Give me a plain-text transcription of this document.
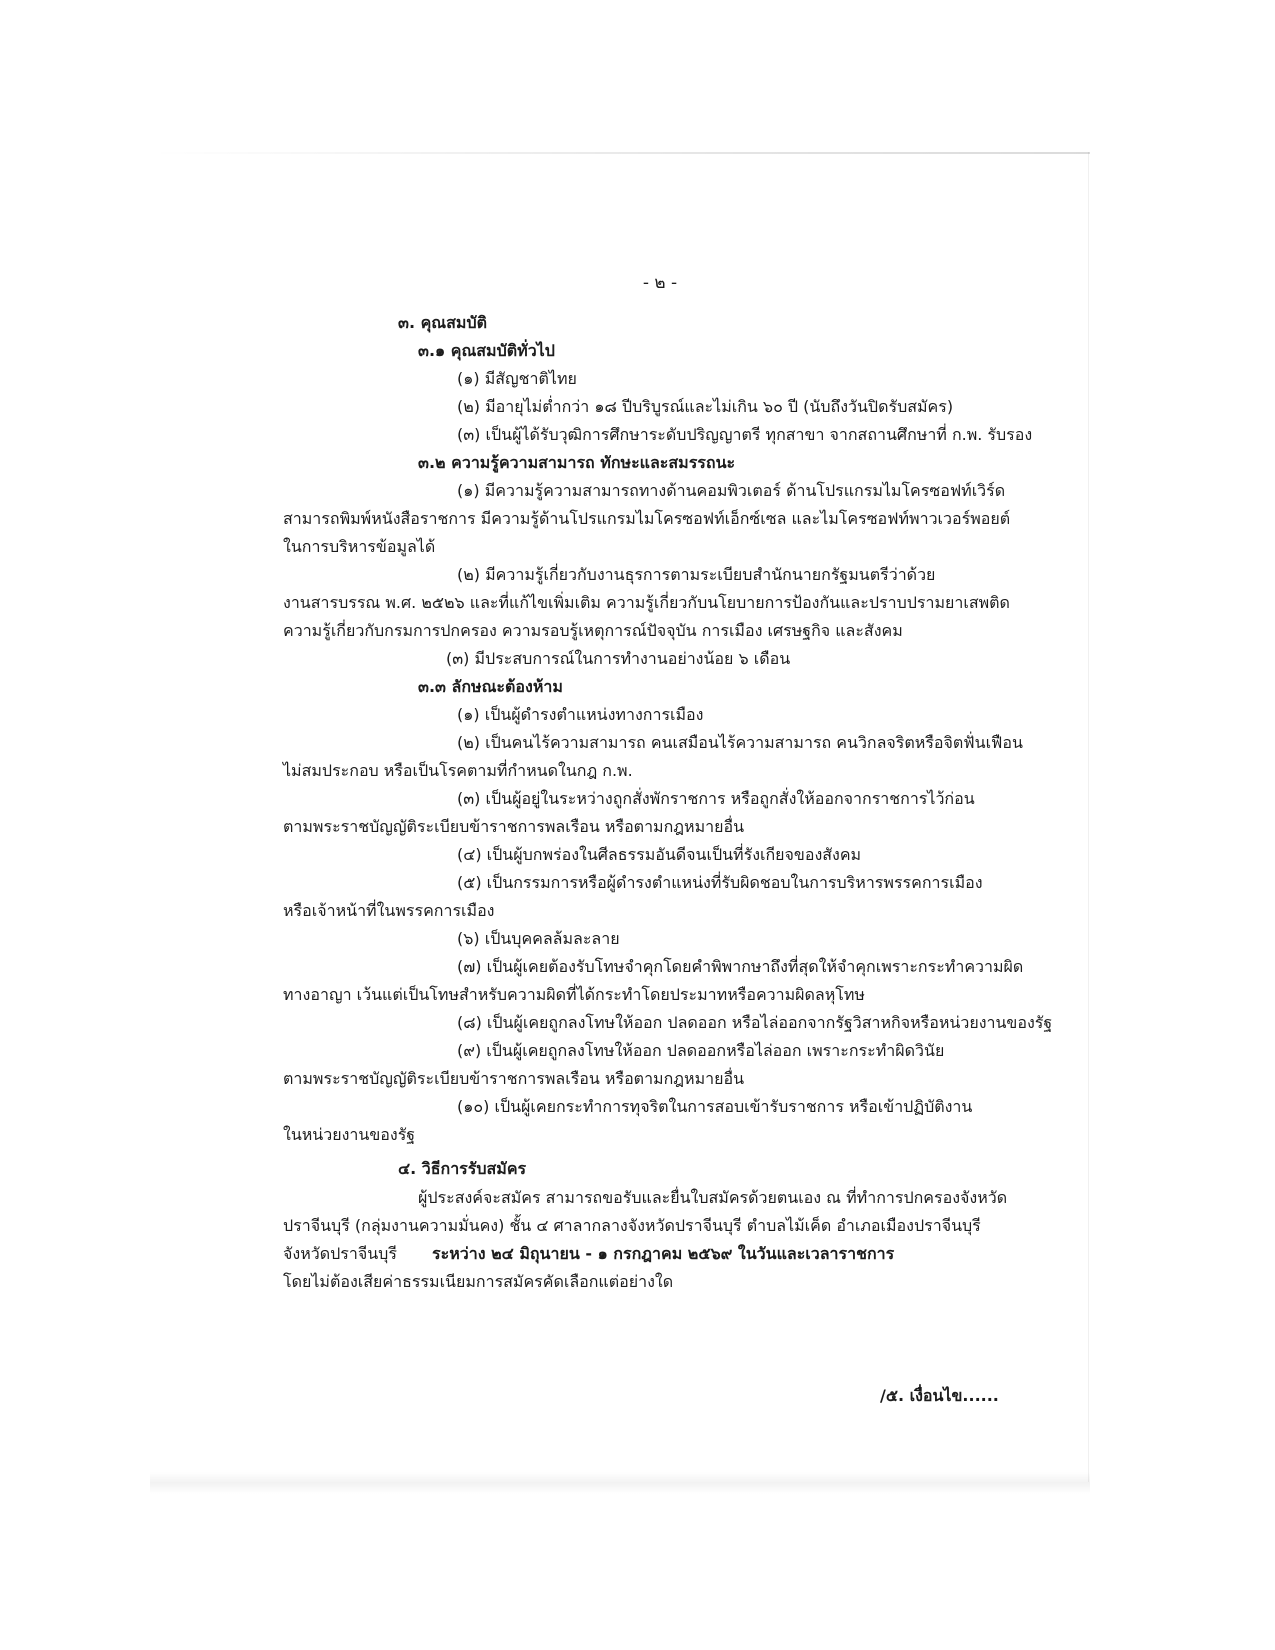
- ๒ -
๓. คุณสมบัติ
๓.๑ คุณสมบัติทั่วไป
(๑) มีสัญชาติไทย
(๒) มีอายุไม่ต่ำกว่า ๑๘ ปีบริบูรณ์และไม่เกิน ๖๐ ปี (นับถึงวันปิดรับสมัคร)
(๓) เป็นผู้ได้รับวุฒิการศึกษาระดับปริญญาตรี ทุกสาขา จากสถานศึกษาที่ ก.พ. รับรอง
๓.๒ ความรู้ความสามารถ ทักษะและสมรรถนะ
(๑) มีความรู้ความสามารถทางด้านคอมพิวเตอร์ ด้านโปรแกรมไมโครซอฟท์เวิร์ด
สามารถพิมพ์หนังสือราชการ มีความรู้ด้านโปรแกรมไมโครซอฟท์เอ็กซ์เซล และไมโครซอฟท์พาวเวอร์พอยต์
ในการบริหารข้อมูลได้
(๒) มีความรู้เกี่ยวกับงานธุรการตามระเบียบสำนักนายกรัฐมนตรีว่าด้วย
งานสารบรรณ พ.ศ. ๒๕๒๖ และที่แก้ไขเพิ่มเติม ความรู้เกี่ยวกับนโยบายการป้องกันและปราบปรามยาเสพติด
ความรู้เกี่ยวกับกรมการปกครอง ความรอบรู้เหตุการณ์ปัจจุบัน การเมือง เศรษฐกิจ และสังคม
(๓) มีประสบการณ์ในการทำงานอย่างน้อย ๖ เดือน
๓.๓ ลักษณะต้องห้าม
(๑) เป็นผู้ดำรงตำแหน่งทางการเมือง
(๒) เป็นคนไร้ความสามารถ คนเสมือนไร้ความสามารถ คนวิกลจริตหรือจิตฟั่นเฟือน
ไม่สมประกอบ หรือเป็นโรคตามที่กำหนดในกฎ ก.พ.
(๓) เป็นผู้อยู่ในระหว่างถูกสั่งพักราชการ หรือถูกสั่งให้ออกจากราชการไว้ก่อน
ตามพระราชบัญญัติระเบียบข้าราชการพลเรือน หรือตามกฎหมายอื่น
(๔) เป็นผู้บกพร่องในศีลธรรมอันดีจนเป็นที่รังเกียจของสังคม
(๕) เป็นกรรมการหรือผู้ดำรงตำแหน่งที่รับผิดชอบในการบริหารพรรคการเมือง
หรือเจ้าหน้าที่ในพรรคการเมือง
(๖) เป็นบุคคลล้มละลาย
(๗) เป็นผู้เคยต้องรับโทษจำคุกโดยคำพิพากษาถึงที่สุดให้จำคุกเพราะกระทำความผิด
ทางอาญา เว้นแต่เป็นโทษสำหรับความผิดที่ได้กระทำโดยประมาทหรือความผิดลหุโทษ
(๘) เป็นผู้เคยถูกลงโทษให้ออก ปลดออก หรือไล่ออกจากรัฐวิสาหกิจหรือหน่วยงานของรัฐ
(๙) เป็นผู้เคยถูกลงโทษให้ออก ปลดออกหรือไล่ออก เพราะกระทำผิดวินัย
ตามพระราชบัญญัติระเบียบข้าราชการพลเรือน หรือตามกฎหมายอื่น
(๑๐) เป็นผู้เคยกระทำการทุจริตในการสอบเข้ารับราชการ หรือเข้าปฏิบัติงาน
ในหน่วยงานของรัฐ
๔. วิธีการรับสมัคร
ผู้ประสงค์จะสมัคร สามารถขอรับและยื่นใบสมัครด้วยตนเอง ณ ที่ทำการปกครองจังหวัด
ปราจีนบุรี (กลุ่มงานความมั่นคง) ชั้น ๔ ศาลากลางจังหวัดปราจีนบุรี ตำบลไม้เค็ด อำเภอเมืองปราจีนบุรี
จังหวัดปราจีนบุรี ระหว่าง ๒๔ มิถุนายน - ๑ กรกฎาคม ๒๕๖๙ ในวันและเวลาราชการ
โดยไม่ต้องเสียค่าธรรมเนียมการสมัครคัดเลือกแต่อย่างใด
/๕. เงื่อนไข......
